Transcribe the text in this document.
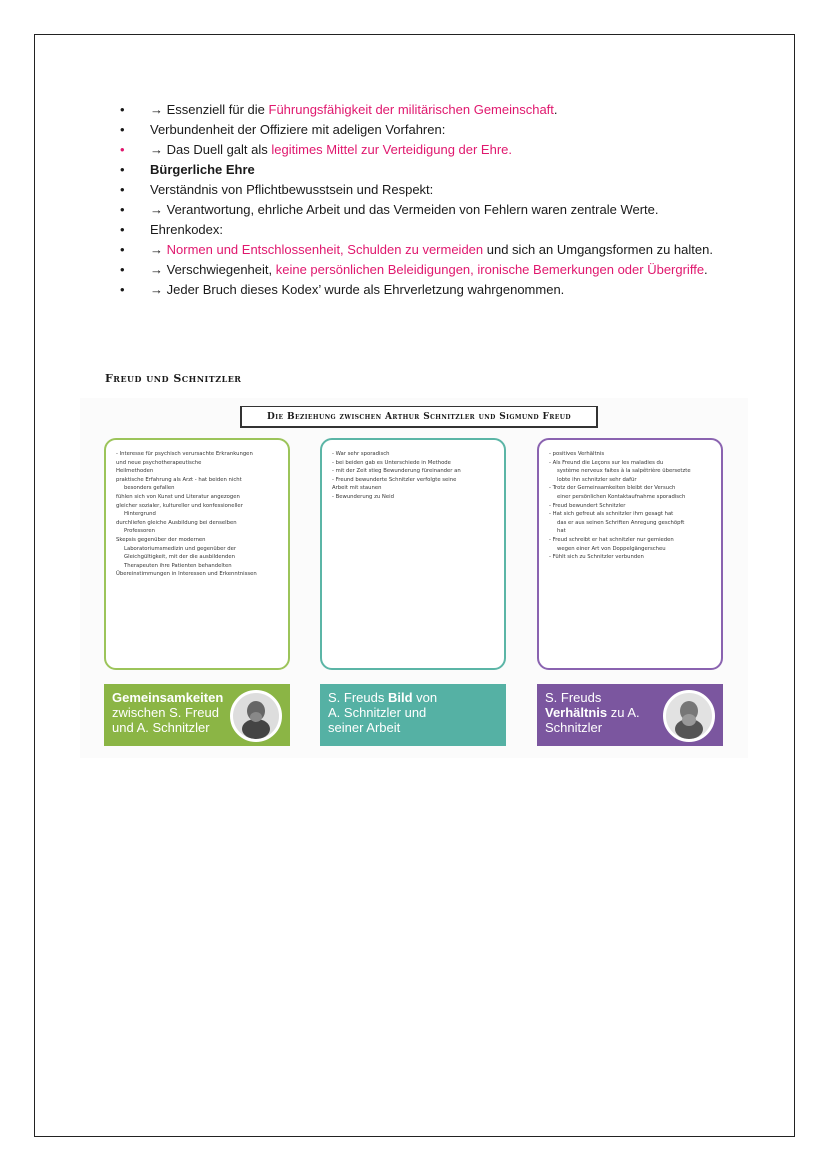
• → Essenziell für die Führungsfähigkeit der militärischen Gemeinschaft.
• Verbundenheit der Offiziere mit adeligen Vorfahren:
• → Das Duell galt als legitimes Mittel zur Verteidigung der Ehre.
• Bürgerliche Ehre
• Verständnis von Pflichtbewusstsein und Respekt:
• → Verantwortung, ehrliche Arbeit und das Vermeiden von Fehlern waren zentrale Werte.
• Ehrenkodex:
• → Normen und Entschlossenheit, Schulden zu vermeiden und sich an Umgangsformen zu halten.
• → Verschwiegenheit, keine persönlichen Beleidigungen, ironische Bemerkungen oder Übergriffe.
• → Jeder Bruch dieses Kodex’ wurde als Ehrverletzung wahrgenommen.
Freud und Schnitzler
Die Beziehung zwischen Arthur Schnitzler und Sigmund Freud
- Interesse für psychisch verursachte Erkrankungen
und neue psychotherapeutische
Heilmethoden
praktische Erfahrung als Arzt - hat beiden nicht
besonders gefallen
fühlen sich von Kunst und Literatur angezogen
gleicher sozialer, kultureller und konfessioneller
Hintergrund
durchliefen gleiche Ausbildung bei denselben
Professoren
Skepsis gegenüber der modernen
Laboratoriumsmedizin und gegenüber der
Gleichgültigkeit, mit der die ausbildenden
Therapeuten ihre Patienten behandelten
Übereinstimmungen in Interessen und Erkenntnissen
- War sehr sporadisch
- bei beiden gab es Unterschiede in Methode
- mit der Zeit stieg Bewunderung füreinander an
- Freund bewunderte Schnitzler verfolgte seine
Arbeit mit staunen
- Bewunderung zu Neid
- positives Verhältnis
- Als Freund die Leçons sur les maladies du
système nerveux faites à la salpêtrière übersetzte
lobte ihn schnitzler sehr dafür
- Trotz der Gemeinsamkeiten bleibt der Versuch
einer persönlichen Kontaktaufnahme sporadisch
- Freud bewundert Schnitzler
- Hat sich gefreut als schnitzler ihm gesagt hat
das er aus seinen Schriften Anregung geschöpft
hat
- Freud schreibt er hat schnitzler nur gemieden
wegen einer Art von Doppelgängerscheu
- Fühlt sich zu Schnitzler verbunden
Gemeinsamkeiten
zwischen S. Freud
und A. Schnitzler
S. Freuds Bild von
A. Schnitzler und
seiner Arbeit
S. Freuds
Verhältnis zu A.
Schnitzler
